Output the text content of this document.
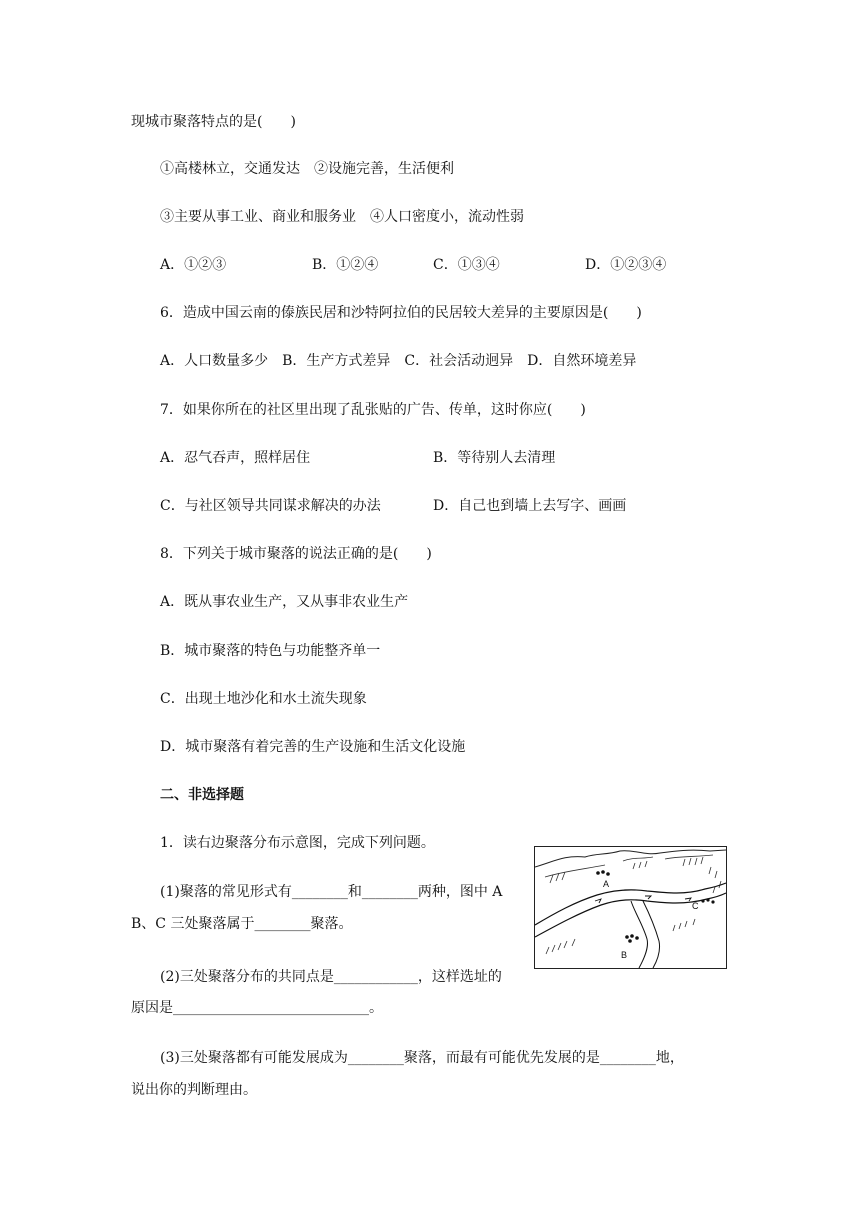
现城市聚落特点的是(　　)
①高楼林立，交通发达　②设施完善，生活便利
③主要从事工业、商业和服务业　④人口密度小，流动性弱
A．①②③	B．①②④	C．①③④	D．①②③④
6．造成中国云南的傣族民居和沙特阿拉伯的民居较大差异的主要原因是(　　)
A．人口数量多少　B．生产方式差异　C．社会活动迥异　D．自然环境差异
7．如果你所在的社区里出现了乱张贴的广告、传单，这时你应(　　)
A．忍气吞声，照样居住	B．等待别人去清理
C．与社区领导共同谋求解决的办法	D．自己也到墙上去写字、画画
8．下列关于城市聚落的说法正确的是(　　)
A．既从事农业生产，又从事非农业生产
B．城市聚落的特色与功能整齐单一
C．出现土地沙化和水土流失现象
D．城市聚落有着完善的生产设施和生活文化设施
二、非选择题
1．读右边聚落分布示意图，完成下列问题。
(1)聚落的常见形式有________和________两种，图中 A
B、C 三处聚落属于________聚落。
(2)三处聚落分布的共同点是____________，这样选址的
原因是____________________________。
(3)三处聚落都有可能发展成为________聚落，而最有可能优先发展的是________地，
说出你的判断理由。
A
B
C
